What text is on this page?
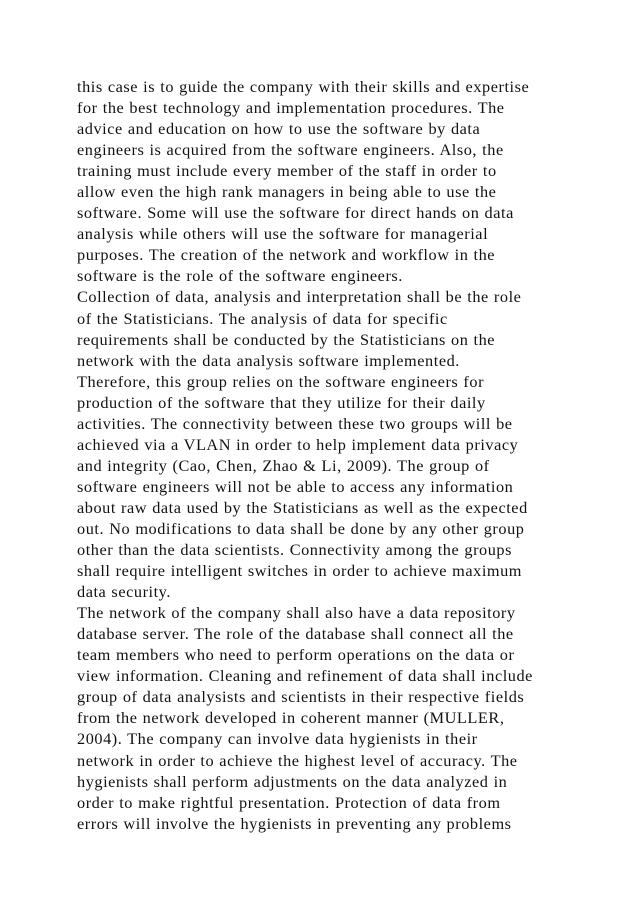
this case is to guide the company with their skills and expertise
for the best technology and implementation procedures. The
advice and education on how to use the software by data
engineers is acquired from the software engineers. Also, the
training must include every member of the staff in order to
allow even the high rank managers in being able to use the
software. Some will use the software for direct hands on data
analysis while others will use the software for managerial
purposes. The creation of the network and workflow in the
software is the role of the software engineers.
Collection of data, analysis and interpretation shall be the role
of the Statisticians. The analysis of data for specific
requirements shall be conducted by the Statisticians on the
network with the data analysis software implemented.
Therefore, this group relies on the software engineers for
production of the software that they utilize for their daily
activities. The connectivity between these two groups will be
achieved via a VLAN in order to help implement data privacy
and integrity (Cao, Chen, Zhao & Li, 2009). The group of
software engineers will not be able to access any information
about raw data used by the Statisticians as well as the expected
out. No modifications to data shall be done by any other group
other than the data scientists. Connectivity among the groups
shall require intelligent switches in order to achieve maximum
data security.
The network of the company shall also have a data repository
database server. The role of the database shall connect all the
team members who need to perform operations on the data or
view information. Cleaning and refinement of data shall include
group of data analysists and scientists in their respective fields
from the network developed in coherent manner (MULLER,
2004). The company can involve data hygienists in their
network in order to achieve the highest level of accuracy. The
hygienists shall perform adjustments on the data analyzed in
order to make rightful presentation. Protection of data from
errors will involve the hygienists in preventing any problems
